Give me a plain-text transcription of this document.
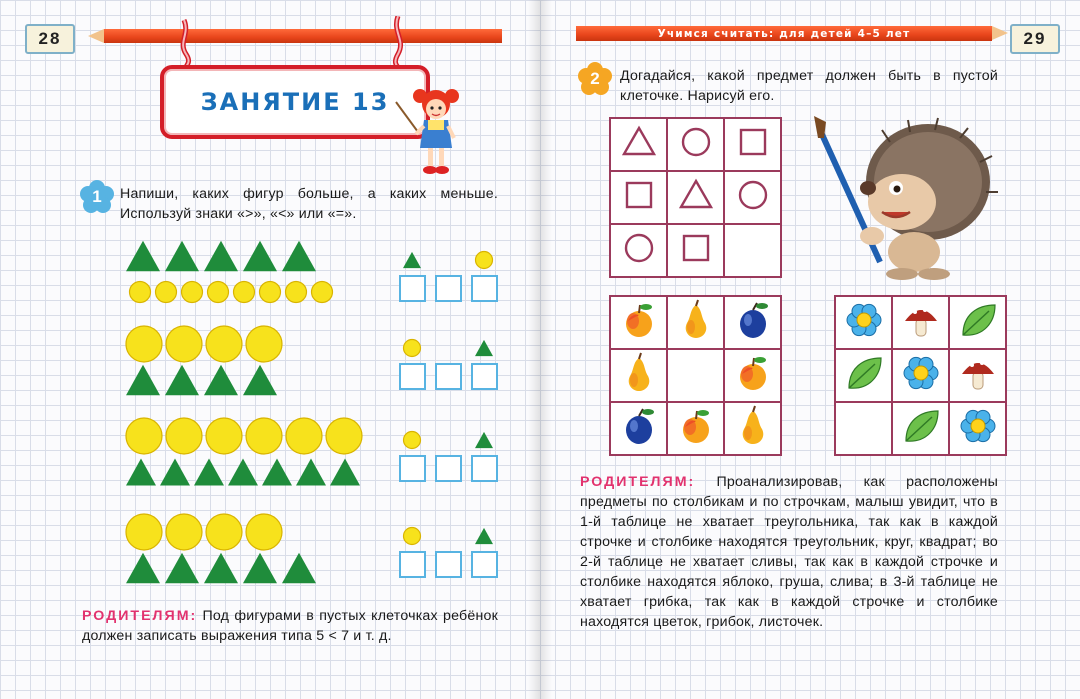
28	Учимся считать: для детей 4–5 лет	29
ЗАНЯТИЕ 13
1	Напиши, каких фигур больше, а каких меньше. Используй знаки «>», «<» или «=».
РОДИТЕЛЯМ: Под фигурами в пустых клеточках ребёнок должен записать выражения типа 5 < 7 и т. д.
2	Догадайся, какой предмет должен быть в пустой клеточке. Нарисуй его.

РОДИТЕЛЯМ: Проанализировав, как расположены предметы по столбикам и по строчкам, малыш увидит, что в 1-й таблице не хватает треугольника, так как в каждой строчке и столбике находятся треугольник, круг, квадрат; во 2-й таблице не хватает сливы, так как в каждой строчке и столбике находятся яблоко, груша, слива; в 3-й таблице не хватает грибка, так как в каждой строчке и столбике находятся цветок, грибок, листочек.
